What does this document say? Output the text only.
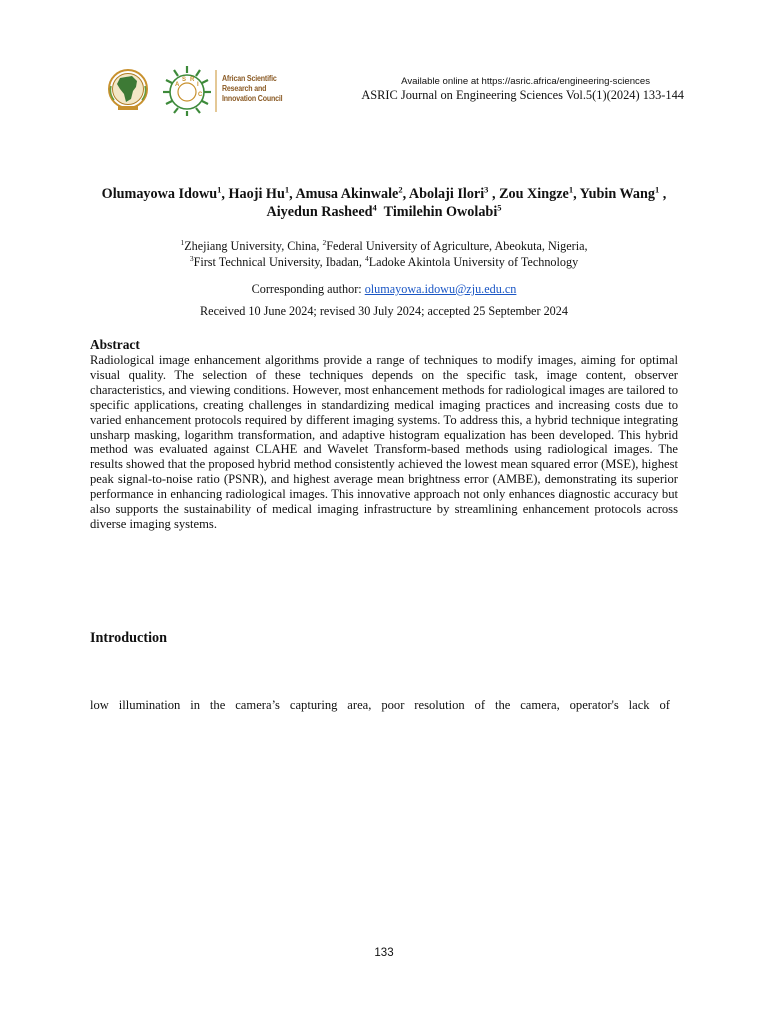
A
S R
I
C
African Scientific
Research and
Innovation Council
Available online at https://asric.africa/engineering-sciences
ASRIC Journal on Engineering Sciences Vol.5(1)(2024) 133-144
Olumayowa Idowu$^1$, Haoji Hu$^1$, Amusa Akinwale$^2$, Abolaji Ilori$^3$ , Zou Xingze$^1$, Yubin Wang$^1$ , Aiyedun Rasheed$^4$ Timilehin Owolabi$^5$
$^1$Zhejiang University, China, $^2$Federal University of Agriculture, Abeokuta, Nigeria,
$^3$First Technical University, Ibadan, $^4$Ladoke Akintola University of Technology
Corresponding author: olumayowa.idowu@zju.edu.cn
Received 10 June 2024; revised 30 July 2024; accepted 25 September 2024
Abstract
Radiological image enhancement algorithms provide a range of techniques to modify images, aiming for optimal visual quality. The selection of these techniques depends on the specific task, image content, observer characteristics, and viewing conditions. However, most enhancement methods for radiological images are tailored to specific applications, creating challenges in standardizing medical imaging practices and increasing costs due to varied enhancement protocols required by different imaging systems. To address this, a hybrid technique integrating unsharp masking, logarithm transformation, and adaptive histogram equalization has been developed. This hybrid method was evaluated against CLAHE and Wavelet Transform-based methods using radiological images. The results showed that the proposed hybrid method consistently achieved the lowest mean squared error (MSE), highest peak signal-to-noise ratio (PSNR), and highest average mean brightness error (AMBE), demonstrating its superior performance in enhancing radiological images. This innovative approach not only enhances diagnostic accuracy but also supports the sustainability of medical imaging infrastructure by streamlining enhancement protocols across diverse imaging systems.
Introduction
low illumination in the camera’s capturing area, poor resolution of the camera, operator's lack of
133
